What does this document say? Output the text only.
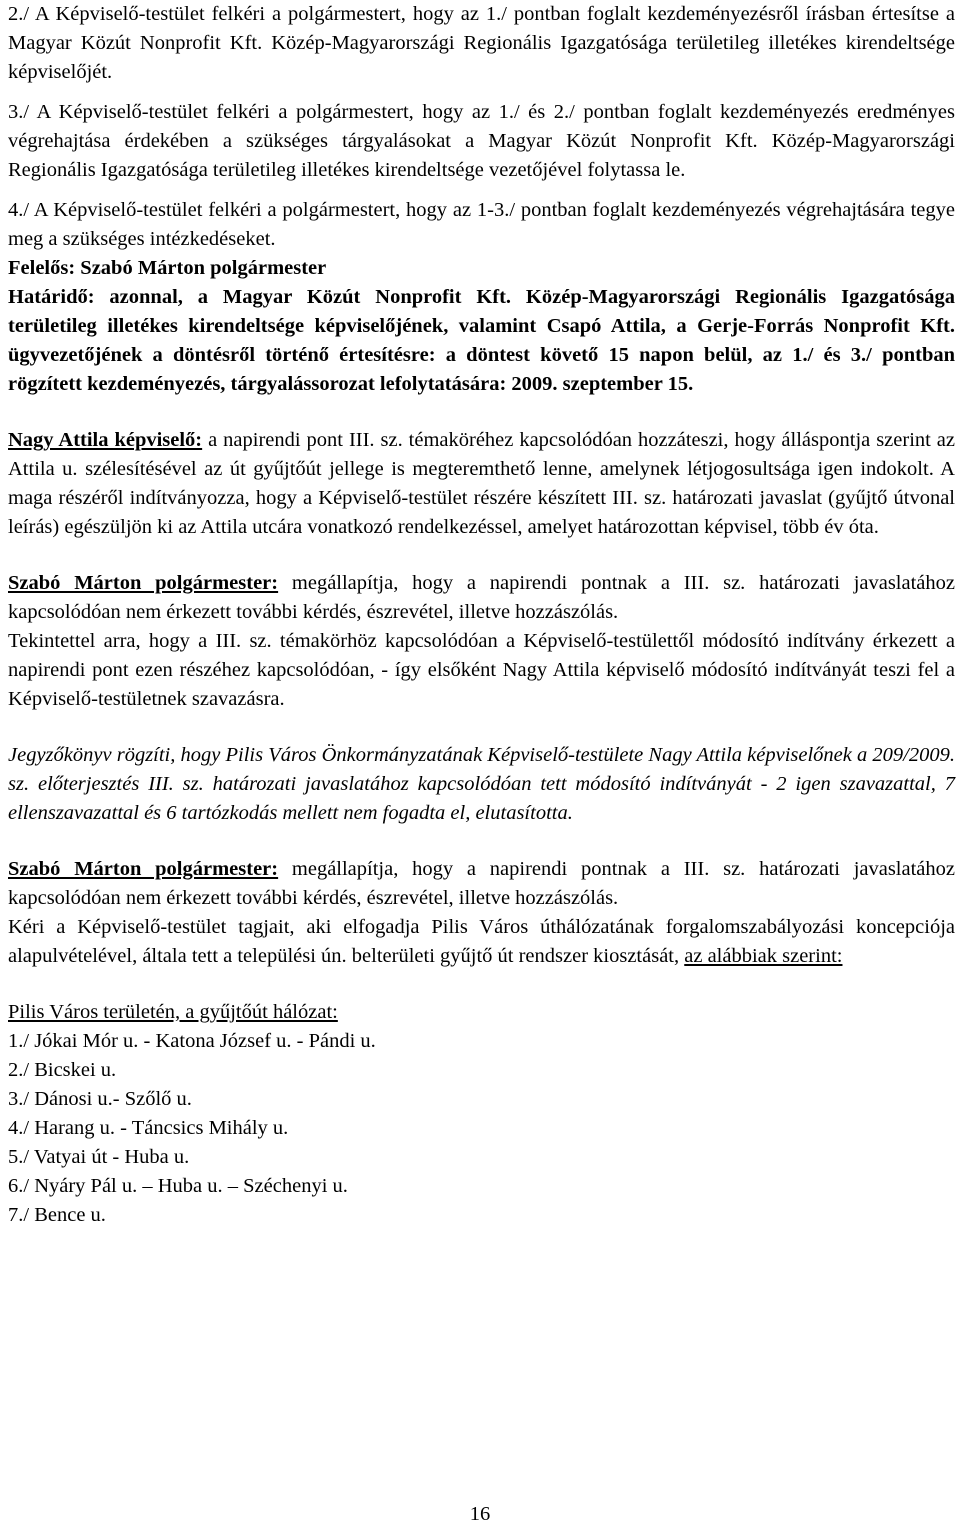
2./ A Képviselő-testület felkéri a polgármestert, hogy az 1./ pontban foglalt kezdeményezésről írásban értesítse a Magyar Közút Nonprofit Kft. Közép-Magyarországi Regionális Igazgatósága területileg illetékes kirendeltsége képviselőjét.

3./ A Képviselő-testület felkéri a polgármestert, hogy az 1./ és 2./ pontban foglalt kezdeményezés eredményes végrehajtása érdekében a szükséges tárgyalásokat a Magyar Közút Nonprofit Kft. Közép-Magyarországi Regionális Igazgatósága területileg illetékes kirendeltsége vezetőjével folytassa le.

4./ A Képviselő-testület felkéri a polgármestert, hogy az 1-3./ pontban foglalt kezdeményezés végrehajtására tegye meg a szükséges intézkedéseket.

Felelős: Szabó Márton polgármester

Határidő: azonnal, a Magyar Közút Nonprofit Kft. Közép-Magyarországi Regionális Igazgatósága területileg illetékes kirendeltsége képviselőjének, valamint Csapó Attila, a Gerje-Forrás Nonprofit Kft. ügyvezetőjének a döntésről történő értesítésre: a döntest követő 15 napon belül, az 1./ és 3./ pontban rögzített kezdeményezés, tárgyalássorozat lefolytatására: 2009. szeptember 15.

Nagy Attila képviselő: a napirendi pont III. sz. témaköréhez kapcsolódóan hozzáteszi, hogy álláspontja szerint az Attila u. szélesítésével az út gyűjtőút jellege is megteremthető lenne, amelynek létjogosultsága igen indokolt. A maga részéről indítványozza, hogy a Képviselő-testület részére készített III. sz. határozati javaslat (gyűjtő útvonal leírás) egészüljön ki az Attila utcára vonatkozó rendelkezéssel, amelyet határozottan képvisel, több év óta.

Szabó Márton polgármester: megállapítja, hogy a napirendi pontnak a III. sz. határozati javaslatához kapcsolódóan nem érkezett további kérdés, észrevétel, illetve hozzászólás.

Tekintettel arra, hogy a III. sz. témakörhöz kapcsolódóan a Képviselő-testülettől módosító indítvány érkezett a napirendi pont ezen részéhez kapcsolódóan, - így elsőként Nagy Attila képviselő módosító indítványát teszi fel a Képviselő-testületnek szavazásra.

Jegyzőkönyv rögzíti, hogy Pilis Város Önkormányzatának Képviselő-testülete Nagy Attila képviselőnek a 209/2009. sz. előterjesztés III. sz. határozati javaslatához kapcsolódóan tett módosító indítványát - 2 igen szavazattal, 7 ellenszavazattal és 6 tartózkodás mellett nem fogadta el, elutasította.

Szabó Márton polgármester: megállapítja, hogy a napirendi pontnak a III. sz. határozati javaslatához kapcsolódóan nem érkezett további kérdés, észrevétel, illetve hozzászólás.

Kéri a Képviselő-testület tagjait, aki elfogadja Pilis Város úthálózatának forgalomszabályozási koncepciója alapulvételével, általa tett a települési ún. belterületi gyűjtő út rendszer kiosztását, az alábbiak szerint:

Pilis Város területén, a gyűjtőút hálózat:

1./ Jókai Mór u. - Katona József u. - Pándi u.

2./ Bicskei u.

3./ Dánosi u.- Szőlő u.

4./ Harang u. - Táncsics Mihály u.

5./ Vatyai út - Huba u.

6./ Nyáry Pál u. – Huba u. – Széchenyi u.

7./ Bence u.

16
